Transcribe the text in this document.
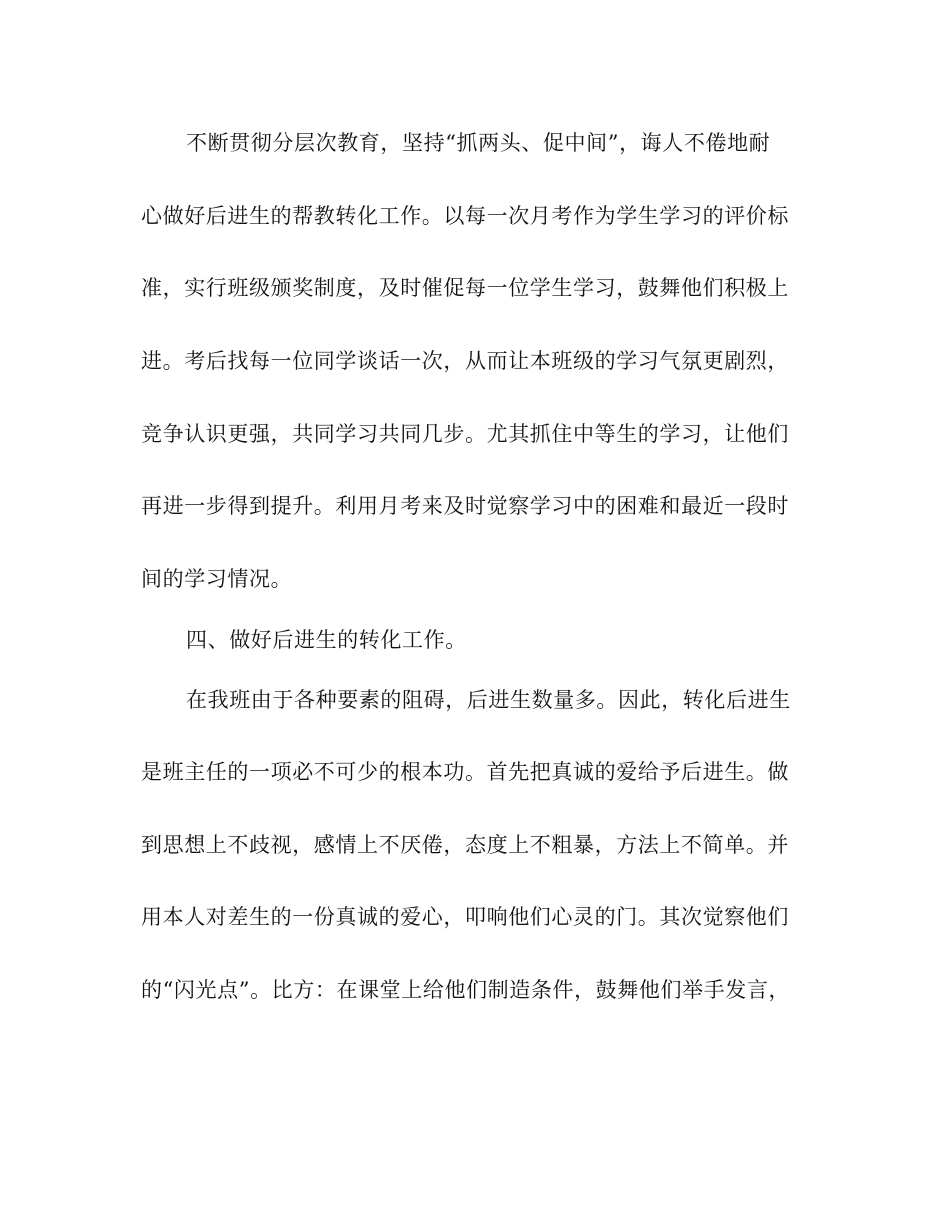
不断贯彻分层次教育，坚持“抓两头、促中间”，诲人不倦地耐
心做好后进生的帮教转化工作。以每一次月考作为学生学习的评价标
准，实行班级颁奖制度，及时催促每一位学生学习，鼓舞他们积极上
进。考后找每一位同学谈话一次，从而让本班级的学习气氛更剧烈，
竞争认识更强，共同学习共同几步。尤其抓住中等生的学习，让他们
再进一步得到提升。利用月考来及时觉察学习中的困难和最近一段时
间的学习情况。
四、做好后进生的转化工作。
在我班由于各种要素的阻碍，后进生数量多。因此，转化后进生
是班主任的一项必不可少的根本功。首先把真诚的爱给予后进生。做
到思想上不歧视，感情上不厌倦，态度上不粗暴，方法上不简单。并
用本人对差生的一份真诚的爱心，叩响他们心灵的门。其次觉察他们
的“闪光点”。比方：在课堂上给他们制造条件，鼓舞他们举手发言，
